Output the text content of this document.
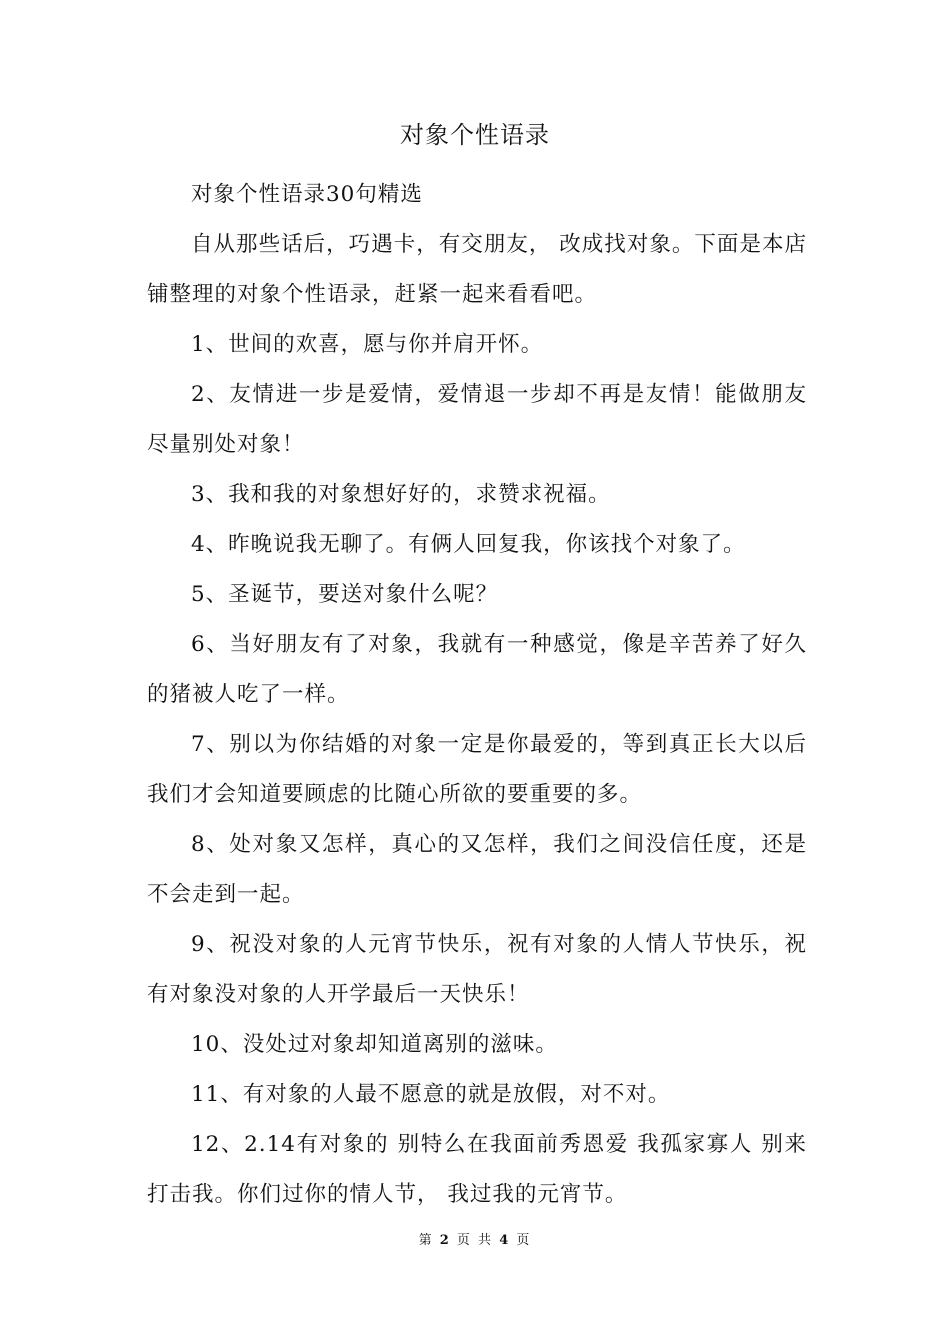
对象个性语录

对象个性语录30句精选

自从那些话后，巧遇卡，有交朋友， 改成找对象。下面是本店铺整理的对象个性语录，赶紧一起来看看吧。

1、世间的欢喜，愿与你并肩开怀。

2、友情进一步是爱情，爱情退一步却不再是友情！能做朋友尽量别处对象！

3、我和我的对象想好好的，求赞求祝福。

4、昨晚说我无聊了。有俩人回复我，你该找个对象了。

5、圣诞节，要送对象什么呢？

6、当好朋友有了对象，我就有一种感觉，像是辛苦养了好久的猪被人吃了一样。

7、别以为你结婚的对象一定是你最爱的，等到真正长大以后我们才会知道要顾虑的比随心所欲的要重要的多。

8、处对象又怎样，真心的又怎样，我们之间没信任度，还是不会走到一起。

9、祝没对象的人元宵节快乐，祝有对象的人情人节快乐，祝有对象没对象的人开学最后一天快乐！

10、没处过对象却知道离别的滋味。

11、有对象的人最不愿意的就是放假，对不对。

12、2.14有对象的 别特么在我面前秀恩爱 我孤家寡人 别来打击我。你们过你的情人节， 我过我的元宵节。

第 2 页 共 4 页
